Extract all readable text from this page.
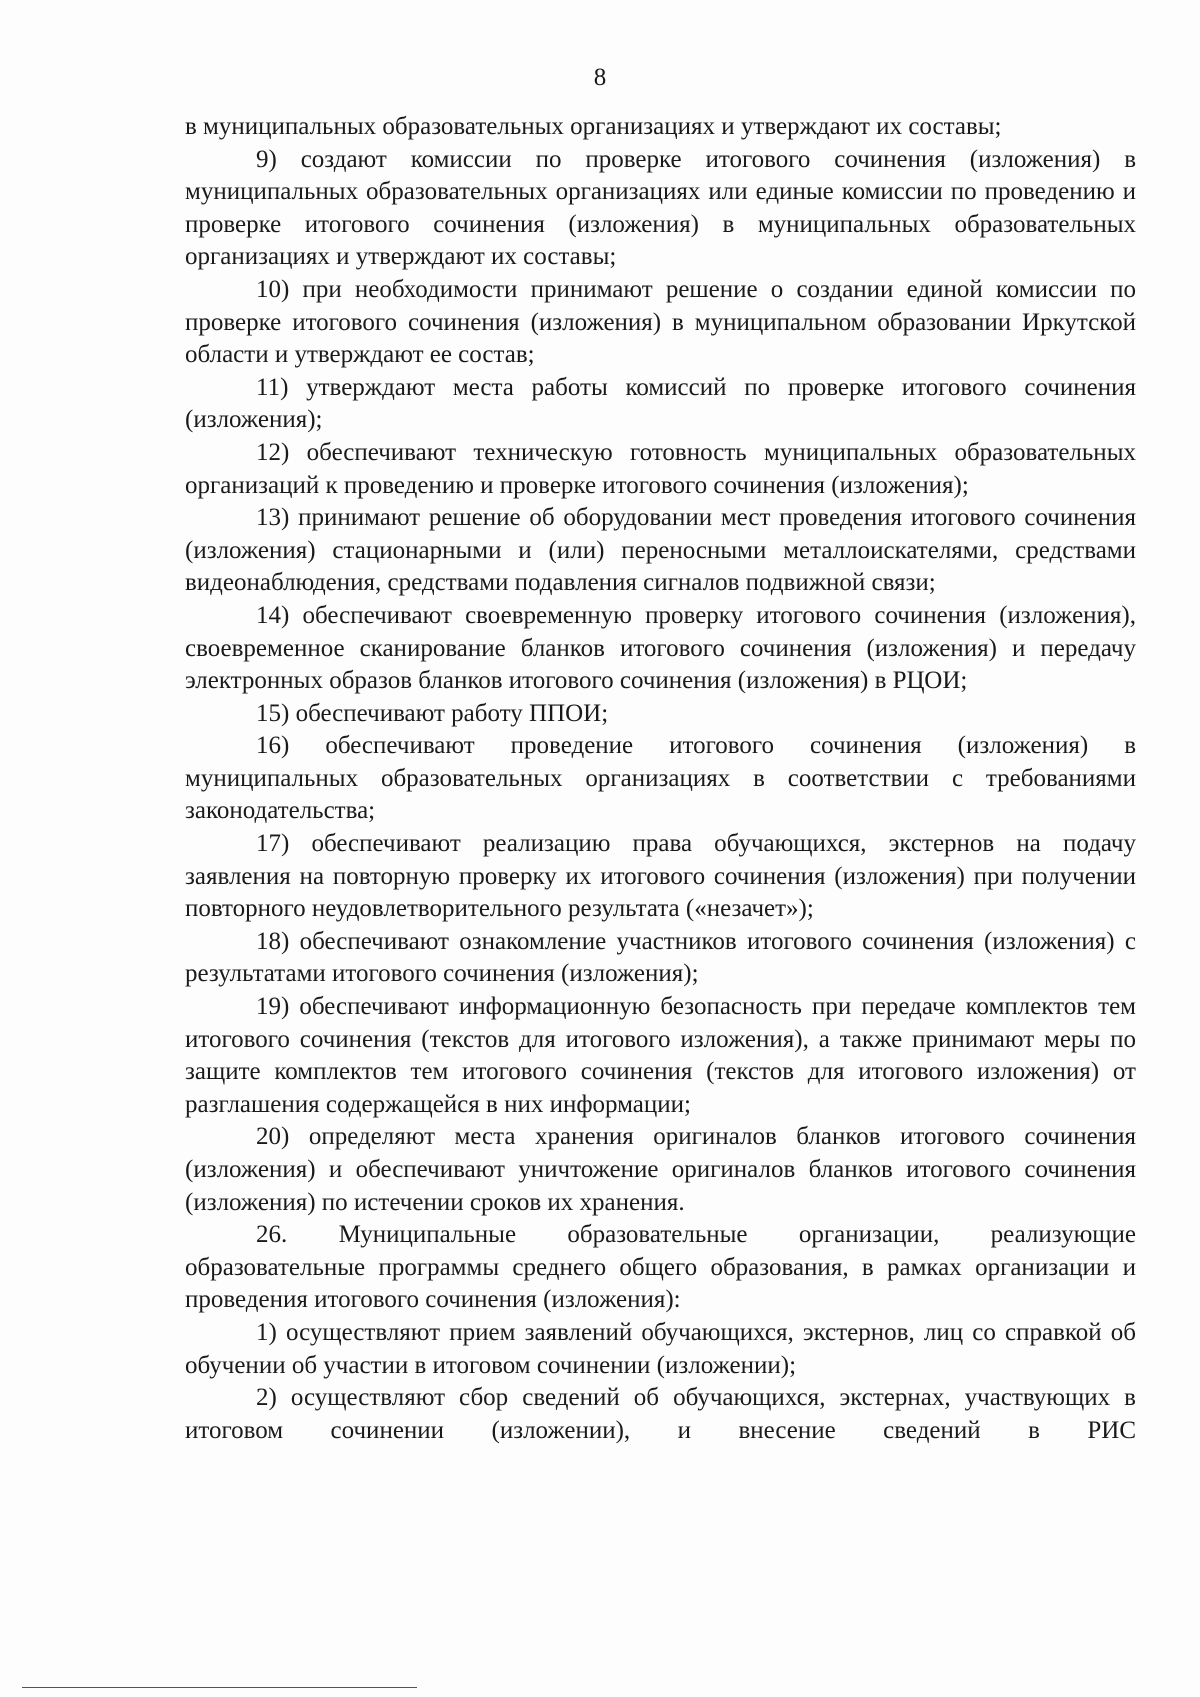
8

в муниципальных образовательных организациях и утверждают их составы;

9) создают комиссии по проверке итогового сочинения (изложения) в муниципальных образовательных организациях или единые комиссии по проведению и проверке итогового сочинения (изложения) в муниципальных образовательных организациях и утверждают их составы;

10) при необходимости принимают решение о создании единой комиссии по проверке итогового сочинения (изложения) в муниципальном образовании Иркутской области и утверждают ее состав;

11) утверждают места работы комиссий по проверке итогового сочинения (изложения);

12) обеспечивают техническую готовность муниципальных образовательных организаций к проведению и проверке итогового сочинения (изложения);

13) принимают решение об оборудовании мест проведения итогового сочинения (изложения) стационарными и (или) переносными металлоискателями, средствами видеонаблюдения, средствами подавления сигналов подвижной связи;

14) обеспечивают своевременную проверку итогового сочинения (изложения), своевременное сканирование бланков итогового сочинения (изложения) и передачу электронных образов бланков итогового сочинения (изложения) в РЦОИ;

15) обеспечивают работу ППОИ;

16) обеспечивают проведение итогового сочинения (изложения) в муниципальных образовательных организациях в соответствии с требованиями законодательства;

17) обеспечивают реализацию права обучающихся, экстернов на подачу заявления на повторную проверку их итогового сочинения (изложения) при получении повторного неудовлетворительного результата («незачет»);

18) обеспечивают ознакомление участников итогового сочинения (изложения) с результатами итогового сочинения (изложения);

19) обеспечивают информационную безопасность при передаче комплектов тем итогового сочинения (текстов для итогового изложения), а также принимают меры по защите комплектов тем итогового сочинения (текстов для итогового изложения) от разглашения содержащейся в них информации;

20) определяют места хранения оригиналов бланков итогового сочинения (изложения) и обеспечивают уничтожение оригиналов бланков итогового сочинения (изложения) по истечении сроков их хранения.

26. Муниципальные образовательные организации, реализующие образовательные программы среднего общего образования, в рамках организации и проведения итогового сочинения (изложения):

1) осуществляют прием заявлений обучающихся, экстернов, лиц со справкой об обучении об участии в итоговом сочинении (изложении);

2) осуществляют сбор сведений об обучающихся, экстернах, участвующих в итоговом сочинении (изложении), и внесение сведений в РИС
